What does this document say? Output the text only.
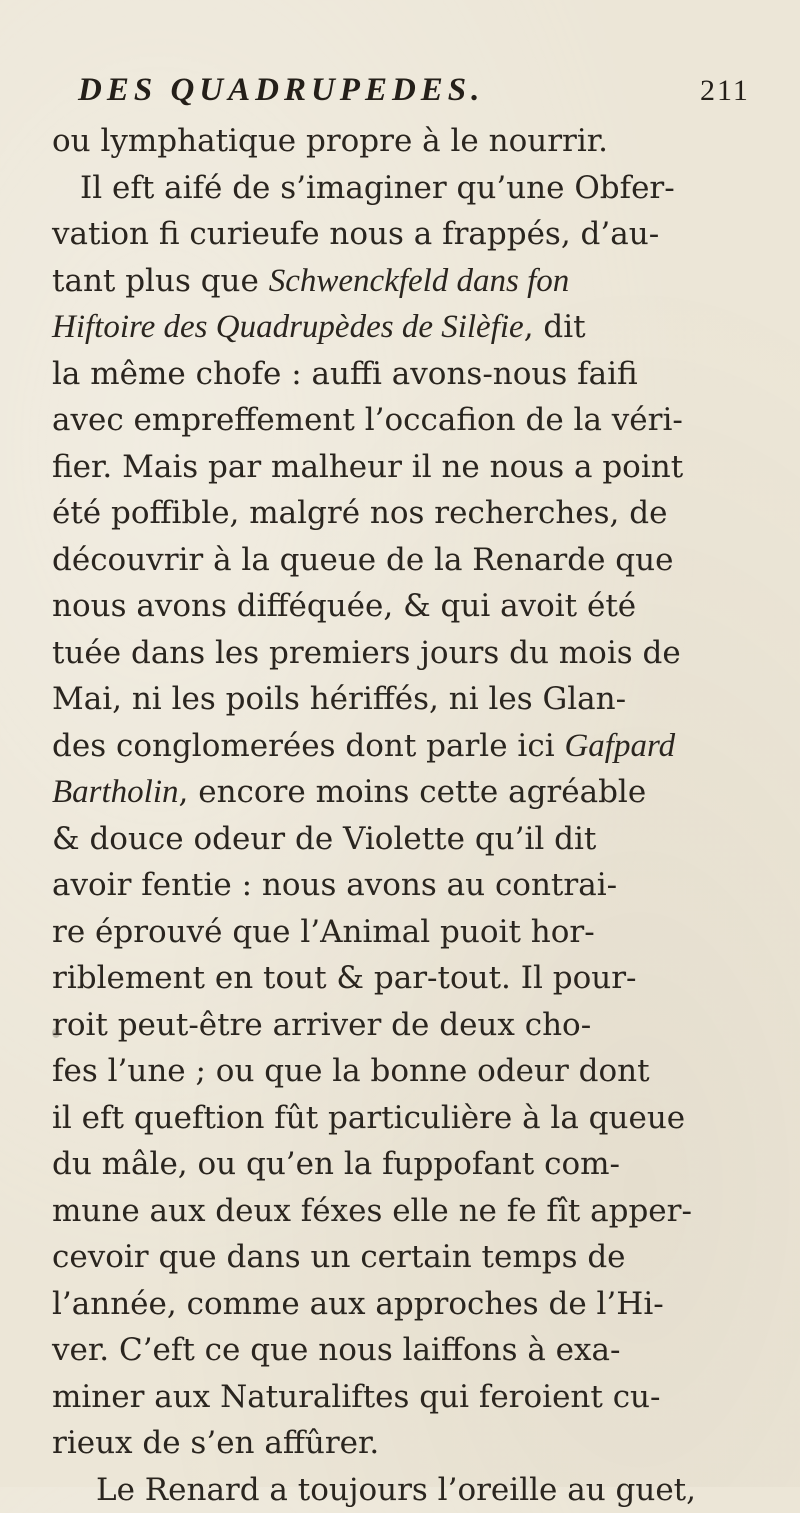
DES QUADRUPEDES.	211
ou lymphatique propre à le nourrir.
Il eft aifé de s’imaginer qu’une Obfer-
vation fi curieufe nous a frappés, d’au-
tant plus que Schwenckfeld dans fon
Hiftoire des Quadrupèdes de Silèfie, dit
la même chofe : auffi avons-nous faifi
avec empreffement l’occafion de la véri-
fier. Mais par malheur il ne nous a point
été poffible, malgré nos recherches, de
découvrir à la queue de la Renarde que
nous avons difféquée, & qui avoit été
tuée dans les premiers jours du mois de
Mai, ni les poils hériffés, ni les Glan-
des conglomerées dont parle ici Gafpard
Bartholin, encore moins cette agréable
& douce odeur de Violette qu’il dit
avoir fentie : nous avons au contrai-
re éprouvé que l’Animal puoit hor-
riblement en tout & par-tout. Il pour-
roit peut-être arriver de deux cho-
fes l’une ; ou que la bonne odeur dont
il eft queftion fût particulière à la queue
du mâle, ou qu’en la fuppofant com-
mune aux deux féxes elle ne fe fît apper-
cevoir que dans un certain temps de
l’année, comme aux approches de l’Hi-
ver. C’eft ce que nous laiffons à exa-
miner aux Naturaliftes qui feroient cu-
rieux de s’en affûrer.
Le Renard a toujours l’oreille au guet,
